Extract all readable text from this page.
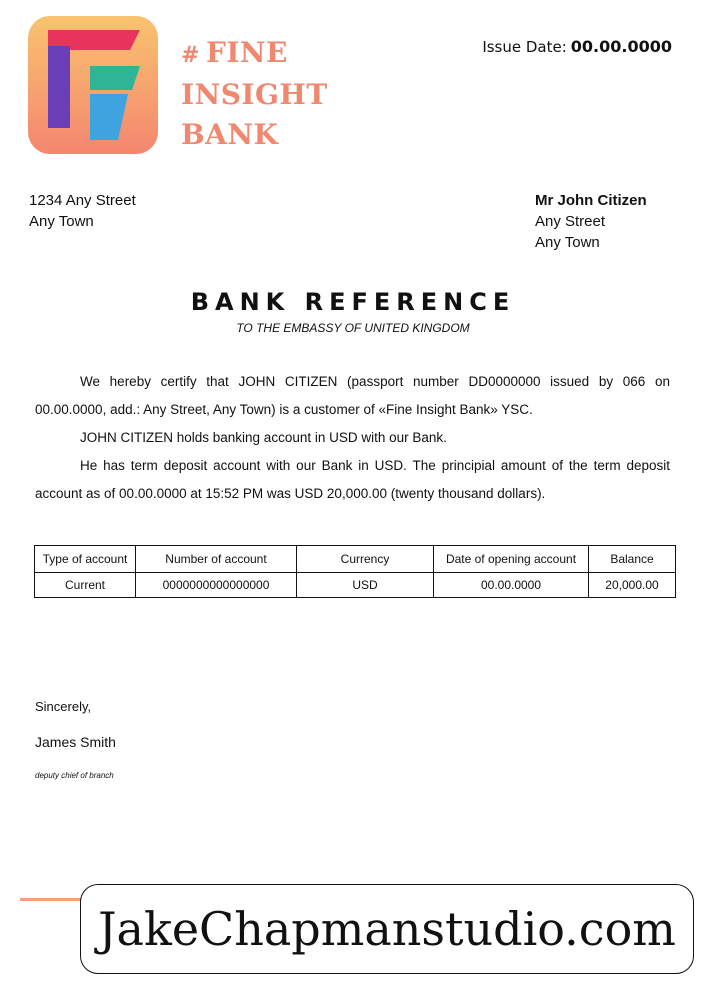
# FINE
INSIGHT
BANK
Issue Date: 00.00.0000
1234 Any Street
Any Town
Mr John Citizen
Any Street
Any Town
BANK REFERENCE
TO THE EMBASSY OF UNITED KINGDOM

We hereby certify that JOHN CITIZEN (passport number DD0000000 issued by 066 on 00.00.0000, add.: Any Street, Any Town) is a customer of «Fine Insight Bank» YSC.

JOHN CITIZEN holds banking account in USD with our Bank.

He has term deposit account with our Bank in USD. The principial amount of the term deposit account as of 00.00.0000 at 15:52 PM was USD 20,000.00 (twenty thousand dollars).

Type of account	Number of account	Currency	Date of opening account	Balance
Current	0000000000000000	USD	00.00.0000	20,000.00
Sincerely,
James Smith
deputy chief of branch
JakeChapmanstudio.com
